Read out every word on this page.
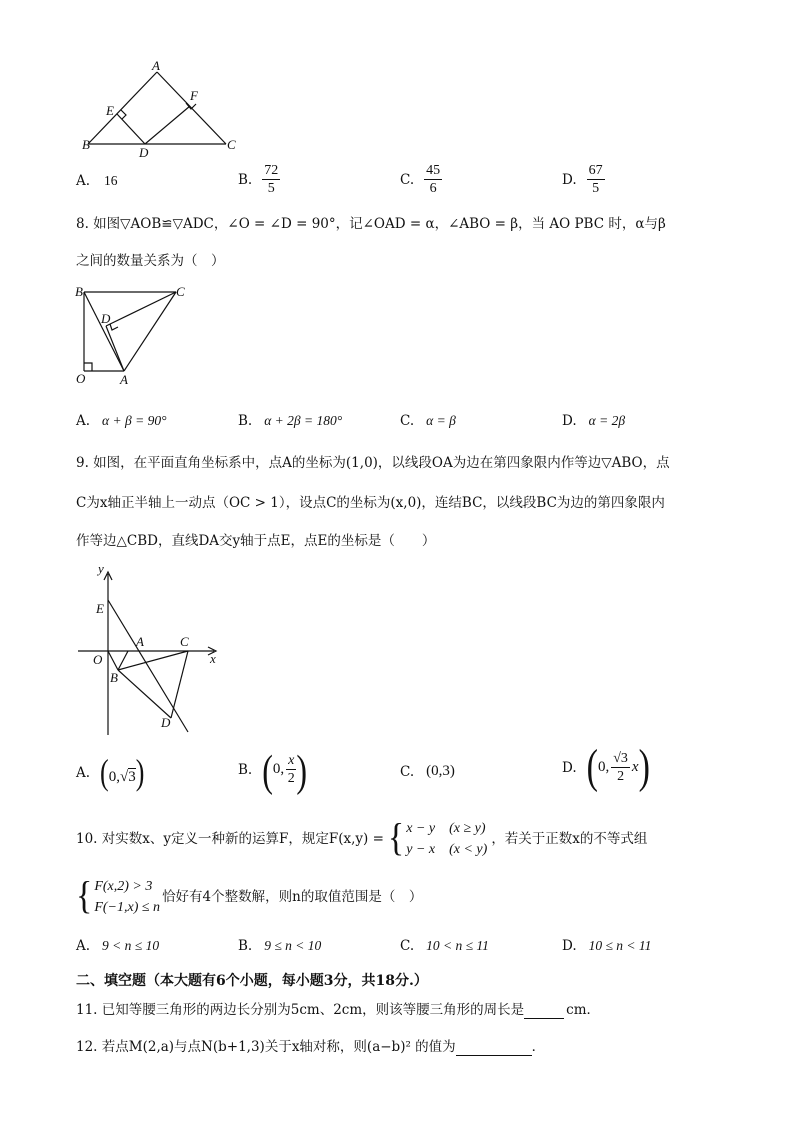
A
E
F
B
D
C
A. 16	B. $\frac{72}{5}$	C. $\frac{45}{6}$	D. $\frac{67}{5}$
8. 如图▽AOB≌▽ADC，∠O = ∠D = 90°，记∠OAD = α，∠ABO = β，当 AO PBC 时，α与β
之间的数量关系为（　）
B	C
D
O	A
A. α + β = 90°	B. α + 2β = 180°	C. α = β	D. α = 2β
9. 如图，在平面直角坐标系中，点A的坐标为(1,0)，以线段OA为边在第四象限内作等边▽ABO，点
C为x轴正半轴上一动点（OC > 1），设点C的坐标为(x,0)，连结BC，以线段BC为边的第四象限内
作等边△CBD，直线DA交y轴于点E，点E的坐标是（　　）
y
E
A	C
x
O
B
D
A. (0,√3)	B. ( 0, $\frac{x}{2}$ )	C. (0,3)	D. ( 0, $\frac{√3}{2}$ x )
10. 对实数x、y定义一种新的运算F，规定F(x,y) = { x − y　(x ≥ y)
y − x　(x < y)
，若关于正数x的不等式组
{ F(x,2) > 3
F(−1,x) ≤ n
恰好有4个整数解，则n的取值范围是（　）
A. 9 < n ≤ 10	B. 9 ≤ n < 10	C. 10 < n ≤ 11	D. 10 ≤ n < 11
二、填空题（本大题有6个小题，每小题3分，共18分.）
11. 已知等腰三角形的两边长分别为5cm、2cm，则该等腰三角形的周长是	cm．
12. 若点M(2,a)与点N(b+1,3)关于x轴对称，则(a−b)² 的值为	．
